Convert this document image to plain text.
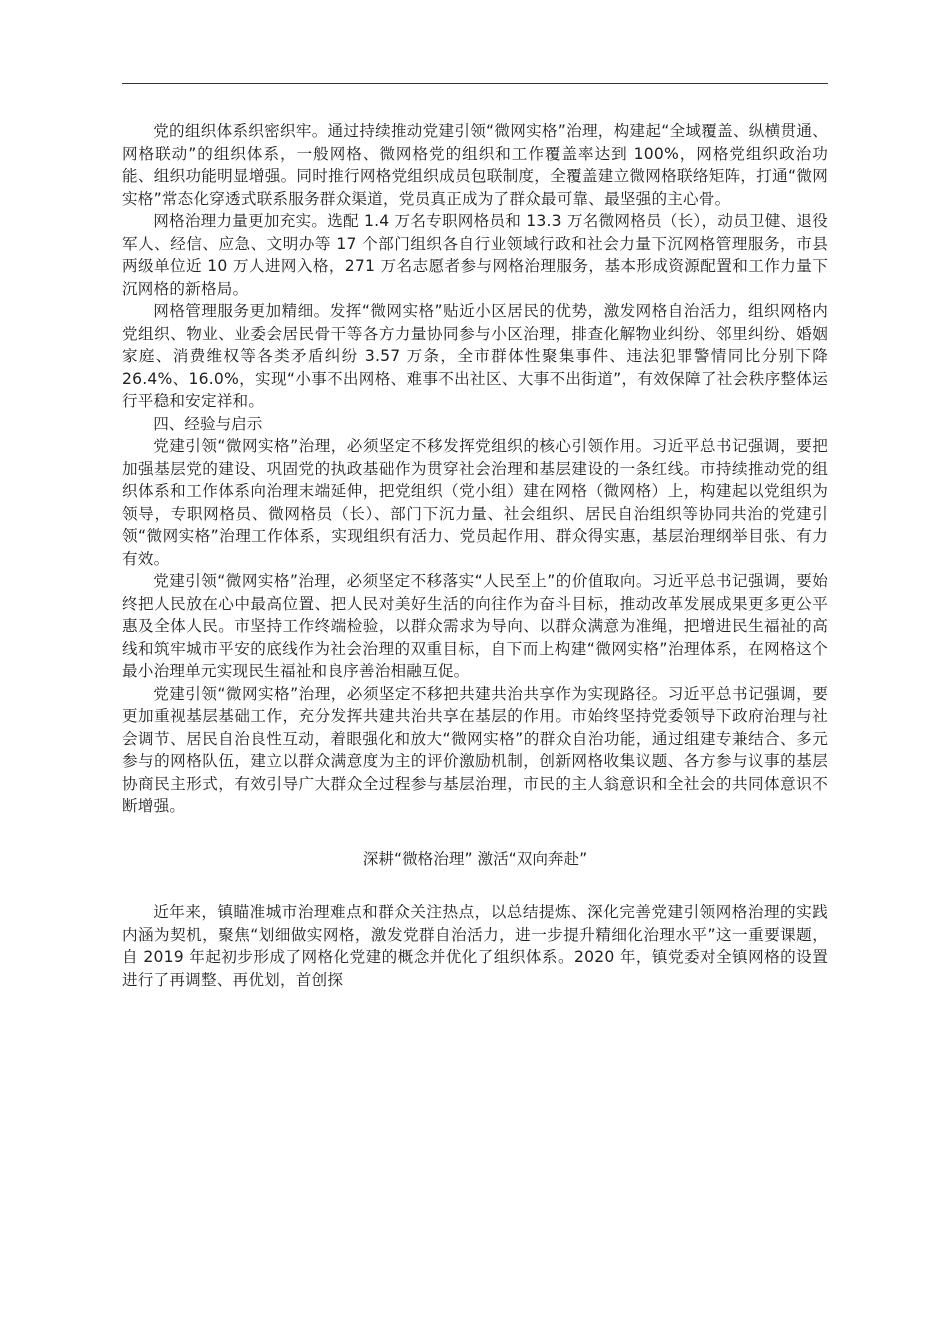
党的组织体系织密织牢。通过持续推动党建引领“微网实格”治理，构建起“全域覆盖、纵横贯通、网格联动”的组织体系，一般网格、微网格党的组织和工作覆盖率达到 100%，网格党组织政治功能、组织功能明显增强。同时推行网格党组织成员包联制度，全覆盖建立微网格联络矩阵，打通“微网实格”常态化穿透式联系服务群众渠道，党员真正成为了群众最可靠、最坚强的主心骨。

网格治理力量更加充实。选配 1.4 万名专职网格员和 13.3 万名微网格员（长），动员卫健、退役军人、经信、应急、文明办等 17 个部门组织各自行业领域行政和社会力量下沉网格管理服务，市县两级单位近 10 万人进网入格，271 万名志愿者参与网格治理服务，基本形成资源配置和工作力量下沉网格的新格局。

网格管理服务更加精细。发挥“微网实格”贴近小区居民的优势，激发网格自治活力，组织网格内党组织、物业、业委会居民骨干等各方力量协同参与小区治理，排查化解物业纠纷、邻里纠纷、婚姻家庭、消费维权等各类矛盾纠纷 3.57 万条，全市群体性聚集事件、违法犯罪警情同比分别下降 26.4%、16.0%，实现“小事不出网格、难事不出社区、大事不出街道”，有效保障了社会秩序整体运行平稳和安定祥和。

四、经验与启示

党建引领“微网实格”治理，必须坚定不移发挥党组织的核心引领作用。习近平总书记强调，要把加强基层党的建设、巩固党的执政基础作为贯穿社会治理和基层建设的一条红线。市持续推动党的组织体系和工作体系向治理末端延伸，把党组织（党小组）建在网格（微网格）上，构建起以党组织为领导，专职网格员、微网格员（长）、部门下沉力量、社会组织、居民自治组织等协同共治的党建引领“微网实格”治理工作体系，实现组织有活力、党员起作用、群众得实惠，基层治理纲举目张、有力有效。

党建引领“微网实格”治理，必须坚定不移落实“人民至上”的价值取向。习近平总书记强调，要始终把人民放在心中最高位置、把人民对美好生活的向往作为奋斗目标，推动改革发展成果更多更公平惠及全体人民。市坚持工作终端检验，以群众需求为导向、以群众满意为准绳，把增进民生福祉的高线和筑牢城市平安的底线作为社会治理的双重目标，自下而上构建“微网实格”治理体系，在网格这个最小治理单元实现民生福祉和良序善治相融互促。

党建引领“微网实格”治理，必须坚定不移把共建共治共享作为实现路径。习近平总书记强调，要更加重视基层基础工作，充分发挥共建共治共享在基层的作用。市始终坚持党委领导下政府治理与社会调节、居民自治良性互动，着眼强化和放大“微网实格”的群众自治功能，通过组建专兼结合、多元参与的网格队伍，建立以群众满意度为主的评价激励机制，创新网格收集议题、各方参与议事的基层协商民主形式，有效引导广大群众全过程参与基层治理，市民的主人翁意识和全社会的共同体意识不断增强。

深耕“微格治理” 激活“双向奔赴”

近年来，镇瞄准城市治理难点和群众关注热点，以总结提炼、深化完善党建引领网格治理的实践内涵为契机，聚焦“划细做实网格，激发党群自治活力，进一步提升精细化治理水平”这一重要课题，自 2019 年起初步形成了网格化党建的概念并优化了组织体系。2020 年，镇党委对全镇网格的设置进行了再调整、再优划，首创探
